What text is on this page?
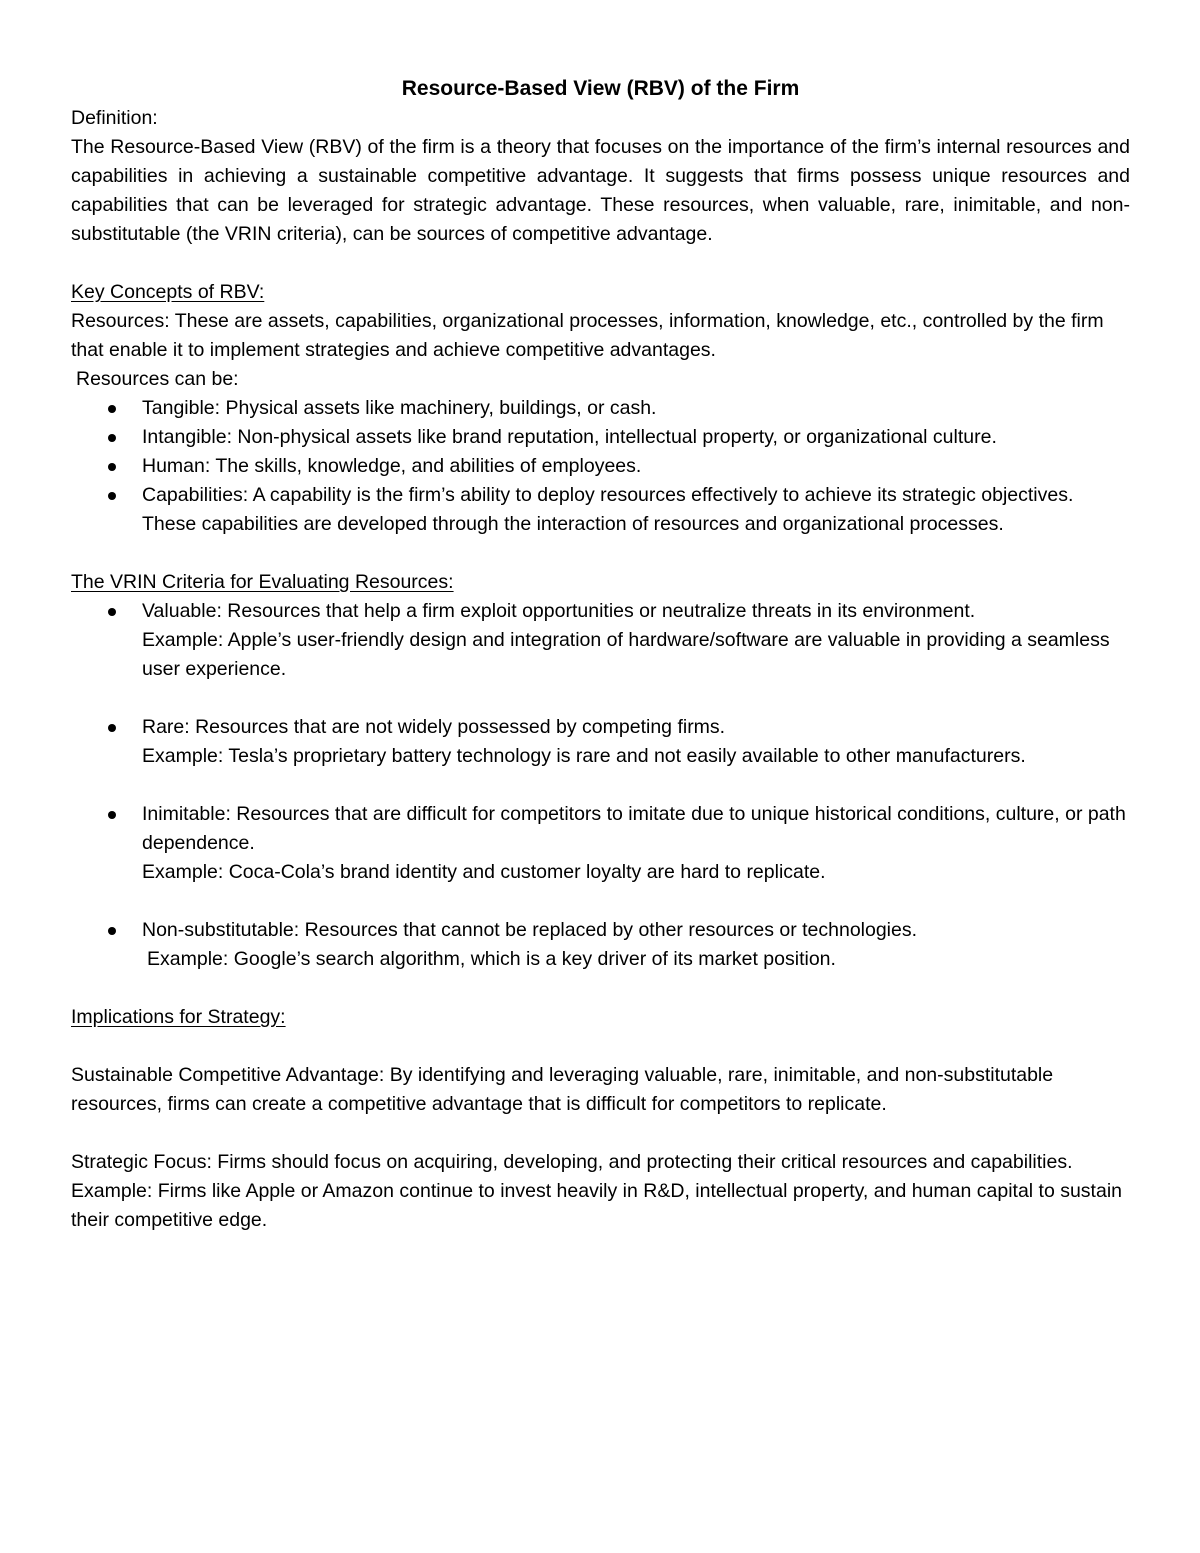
Resource-Based View (RBV) of the Firm

Definition:

The Resource-Based View (RBV) of the firm is a theory that focuses on the importance of the firm’s internal resources and capabilities in achieving a sustainable competitive advantage. It suggests that firms possess unique resources and capabilities that can be leveraged for strategic advantage. These resources, when valuable, rare, inimitable, and non-substitutable (the VRIN criteria), can be sources of competitive advantage.

Key Concepts of RBV:

Resources: These are assets, capabilities, organizational processes, information, knowledge, etc., controlled by the firm that enable it to implement strategies and achieve competitive advantages.

Resources can be:

Tangible: Physical assets like machinery, buildings, or cash.
Intangible: Non-physical assets like brand reputation, intellectual property, or organizational culture.
Human: The skills, knowledge, and abilities of employees.
Capabilities: A capability is the firm’s ability to deploy resources effectively to achieve its strategic objectives. These capabilities are developed through the interaction of resources and organizational processes.

The VRIN Criteria for Evaluating Resources:

Valuable: Resources that help a firm exploit opportunities or neutralize threats in its environment.
Example: Apple’s user-friendly design and integration of hardware/software are valuable in providing a seamless user experience.
Rare: Resources that are not widely possessed by competing firms.
Example: Tesla’s proprietary battery technology is rare and not easily available to other manufacturers.
Inimitable: Resources that are difficult for competitors to imitate due to unique historical conditions, culture, or path dependence.
Example: Coca-Cola’s brand identity and customer loyalty are hard to replicate.
Non-substitutable: Resources that cannot be replaced by other resources or technologies.
Example: Google’s search algorithm, which is a key driver of its market position.

Implications for Strategy:

Sustainable Competitive Advantage: By identifying and leveraging valuable, rare, inimitable, and non-substitutable resources, firms can create a competitive advantage that is difficult for competitors to replicate.

Strategic Focus: Firms should focus on acquiring, developing, and protecting their critical resources and capabilities.

Example: Firms like Apple or Amazon continue to invest heavily in R&D, intellectual property, and human capital to sustain their competitive edge.
